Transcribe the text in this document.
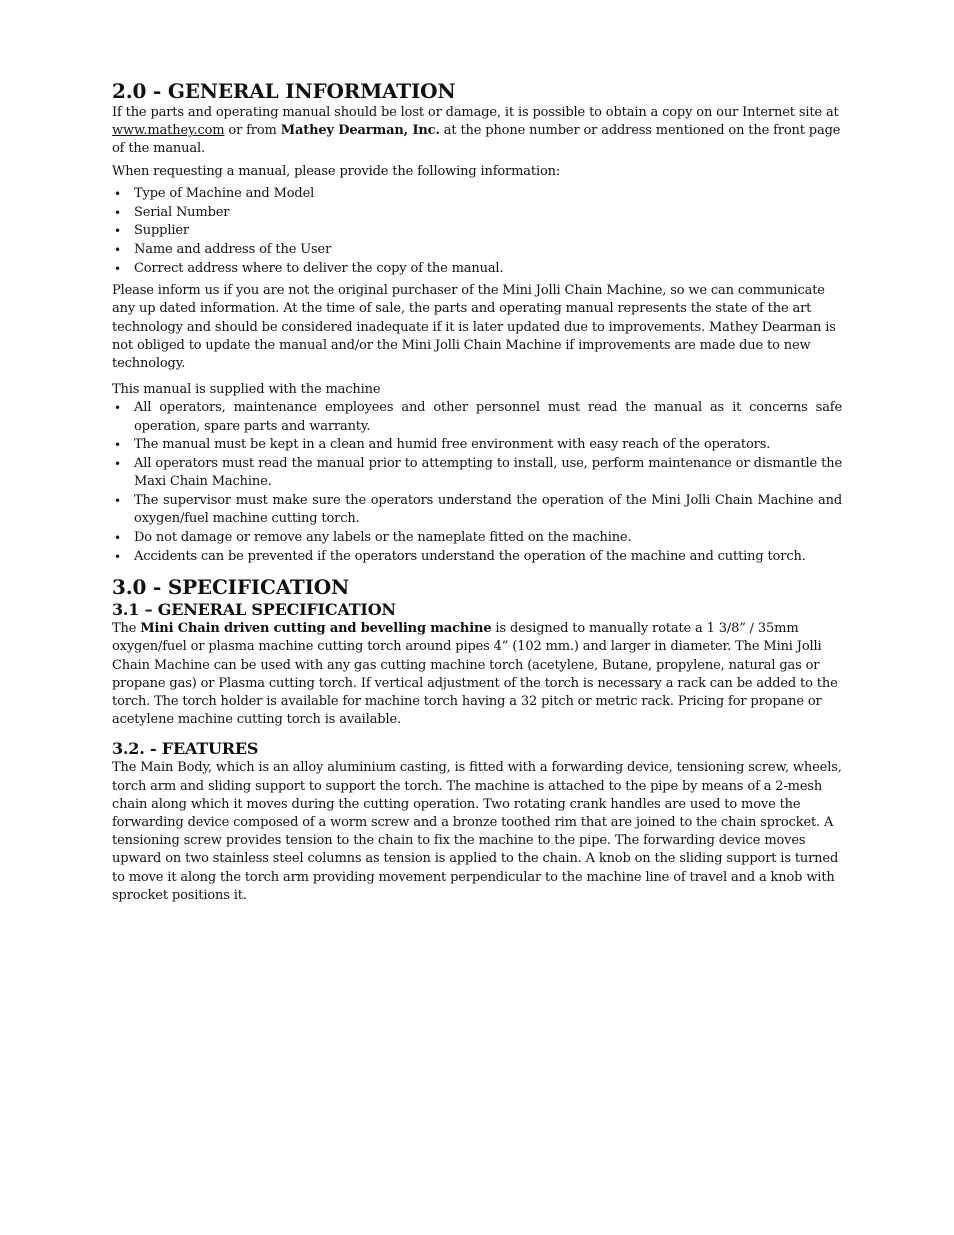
2.0 - GENERAL INFORMATION

If the parts and operating manual should be lost or damage, it is possible to obtain a copy on our Internet site at www.mathey.com or from Mathey Dearman, Inc. at the phone number or address mentioned on the front page of the manual.

When requesting a manual, please provide the following information:

• Type of Machine and Model
• Serial Number
• Supplier
• Name and address of the User
• Correct address where to deliver the copy of the manual.

Please inform us if you are not the original purchaser of the Mini Jolli Chain Machine, so we can communicate any up dated information. At the time of sale, the parts and operating manual represents the state of the art technology and should be considered inadequate if it is later updated due to improvements. Mathey Dearman is not obliged to update the manual and/or the Mini Jolli Chain Machine if improvements are made due to new technology.

This manual is supplied with the machine

• All operators, maintenance employees and other personnel must read the manual as it concerns safe operation, spare parts and warranty.
• The manual must be kept in a clean and humid free environment with easy reach of the operators.
• All operators must read the manual prior to attempting to install, use, perform maintenance or dismantle the Maxi Chain Machine.
• The supervisor must make sure the operators understand the operation of the Mini Jolli Chain Machine and oxygen/fuel machine cutting torch.
• Do not damage or remove any labels or the nameplate fitted on the machine.
• Accidents can be prevented if the operators understand the operation of the machine and cutting torch.
3.0 - SPECIFICATION
3.1 – GENERAL SPECIFICATION

The Mini Chain driven cutting and bevelling machine is designed to manually rotate a 1 3/8” / 35mm oxygen/fuel or plasma machine cutting torch around pipes 4” (102 mm.) and larger in diameter. The Mini Jolli Chain Machine can be used with any gas cutting machine torch (acetylene, Butane, propylene, natural gas or propane gas) or Plasma cutting torch. If vertical adjustment of the torch is necessary a rack can be added to the torch. The torch holder is available for machine torch having a 32 pitch or metric rack. Pricing for propane or acetylene machine cutting torch is available.

3.2. - FEATURES

The Main Body, which is an alloy aluminium casting, is fitted with a forwarding device, tensioning screw, wheels, torch arm and sliding support to support the torch. The machine is attached to the pipe by means of a 2-mesh chain along which it moves during the cutting operation. Two rotating crank handles are used to move the forwarding device composed of a worm screw and a bronze toothed rim that are joined to the chain sprocket. A tensioning screw provides tension to the chain to fix the machine to the pipe. The forwarding device moves upward on two stainless steel columns as tension is applied to the chain. A knob on the sliding support is turned to move it along the torch arm providing movement perpendicular to the machine line of travel and a knob with sprocket positions it.
